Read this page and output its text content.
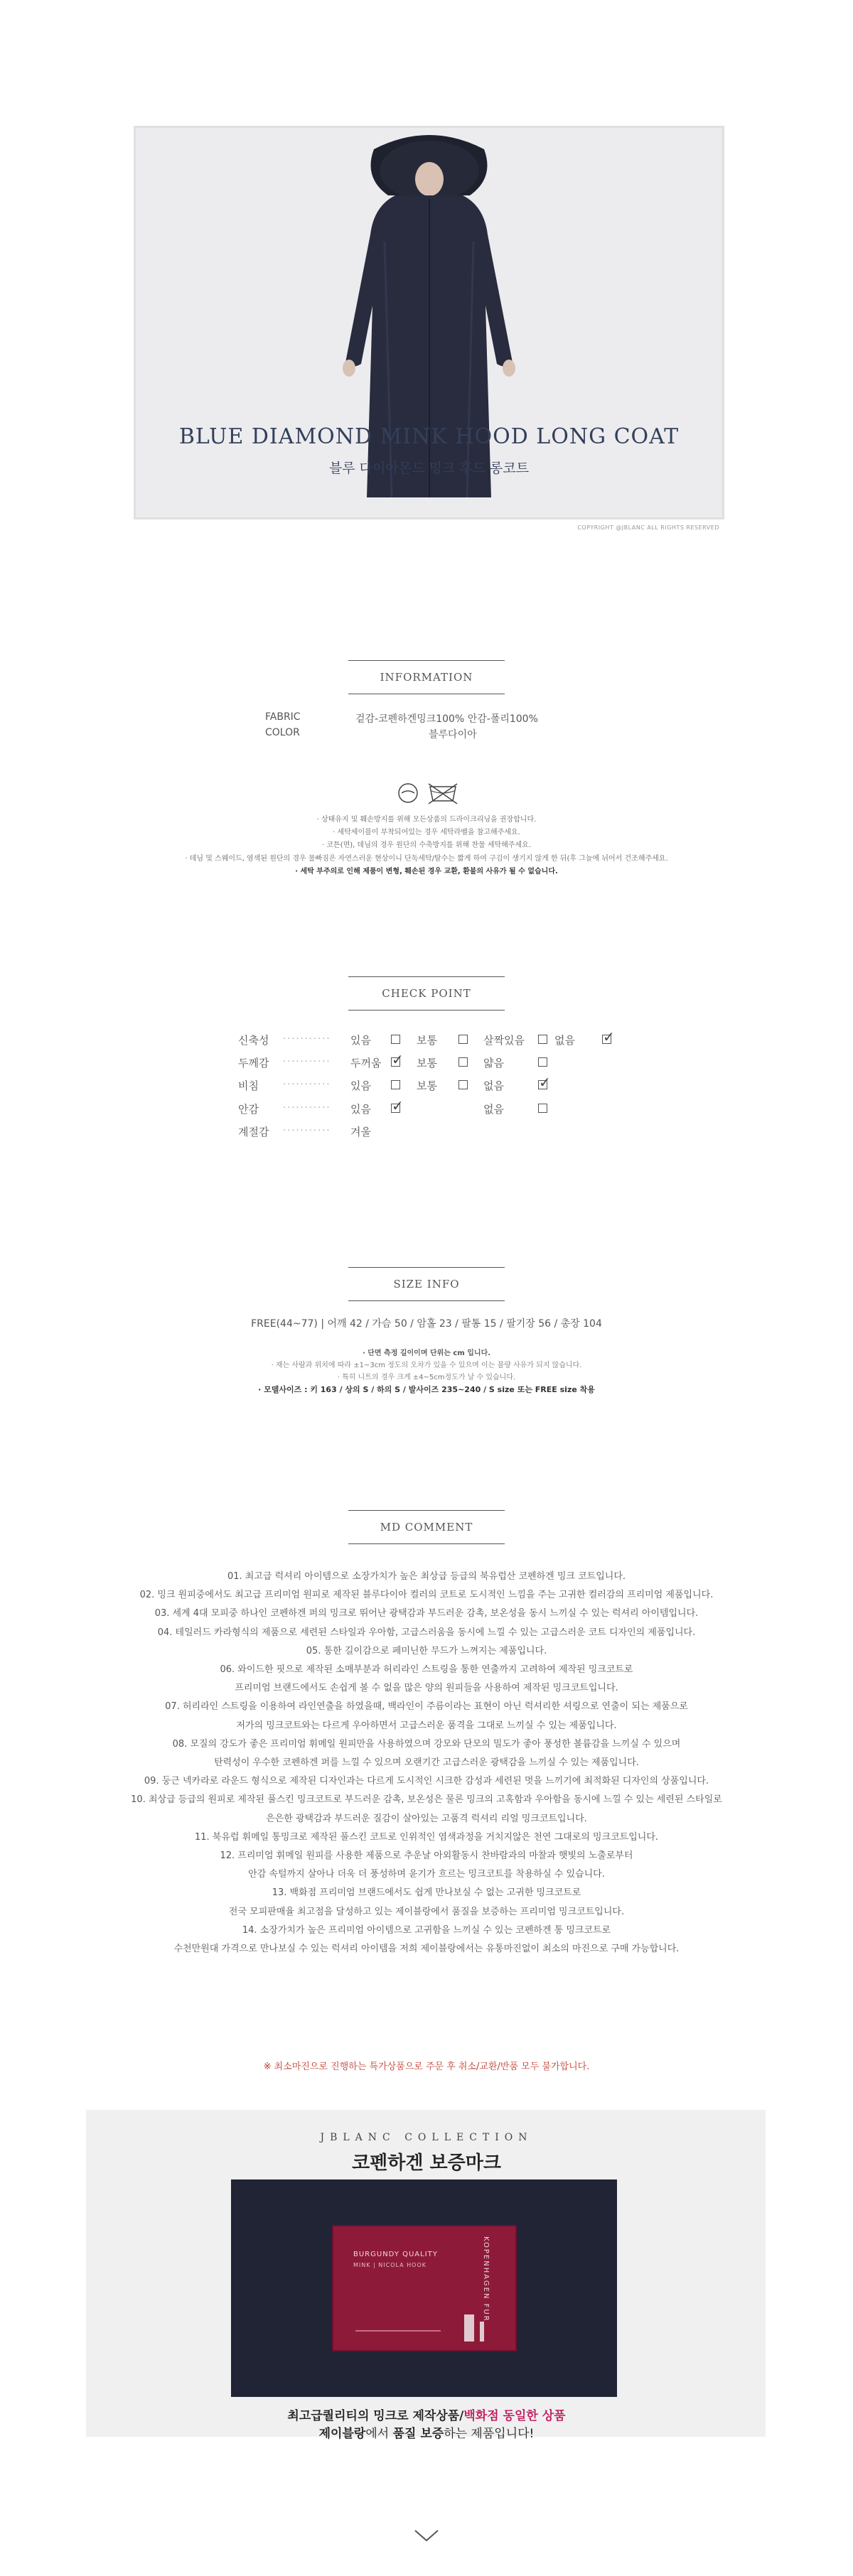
BLUE DIAMOND MINK HOOD LONG COAT
블루 다이아몬드 밍크 후드 롱코트
COPYRIGHT @JBLANC ALL RIGHTS RESERVED
INFORMATION
FABRIC	겉감-코펜하겐밍크100% 안감-폴리100%
COLOR	블루다이아
· 상태유지 및 훼손방지를 위해 모든상품의 드라이크리닝을 권장합니다.
· 세탁세이블이 부착되어있는 경우 세탁라벨을 참고해주세요.
· 코튼(면), 데님의 경우 원단의 수축방지를 위해 찬물 세탁해주세요.
· 데님 및 스웨이드, 염색된 원단의 경우 물빠짐은 자연스러운 현상이니 단독세탁/탈수는 짧게 하여 구김이 생기지 않게 한 뒤(후 그늘에 뉘어서 건조해주세요.
· 세탁 부주의로 인해 제품이 변형, 훼손된 경우 교환, 환불의 사유가 될 수 없습니다.
CHECK POINT
신축성 ··········· 있음	보통	살짝있음	없음 ✓
두께감 ··········· 두꺼움 ✓ 보통	얇음
비침	··········· 있음	보통	없음 ✓
안감	··········· 있음 ✓	없음
계절감 ··········· 겨울
SIZE INFO
FREE(44~77) | 어깨 42 / 가슴 50 / 암홀 23 / 팔통 15 / 팔기장 56 / 총장 104
· 단면 측정 길이이며 단위는 cm 입니다.
· 재는 사람과 위치에 따라 ±1~3cm 정도의 오차가 있을 수 있으며 이는 불량 사유가 되지 않습니다.
· 특히 니트의 경우 크게 ±4~5cm정도가 날 수 있습니다.
· 모델사이즈 : 키 163 / 상의 S / 하의 S / 발사이즈 235~240 / S size 또는 FREE size 착용
MD COMMENT
01. 최고급 럭셔리 아이템으로 소장가치가 높은 최상급 등급의 북유럽산 코펜하겐 밍크 코트입니다.
02. 밍크 원피중에서도 최고급 프리미엄 원피로 제작된 블루다이아 컬러의 코트로 도시적인 느낌을 주는 고귀한 컬러감의 프리미엄 제품입니다.
03. 세계 4대 모피중 하나인 코펜하겐 퍼의 밍크로 뛰어난 광택감과 부드러운 감촉, 보온성을 동시 느끼실 수 있는 럭셔리 아이템입니다.
04. 테일러드 카라형식의 제품으로 세련된 스타일과 우아함, 고급스러움을 동시에 느낄 수 있는 고급스러운 코트 디자인의 제품입니다.
05. 통한 길이감으로 페미닌한 무드가 느껴지는 제품입니다.
06. 와이드한 핏으로 제작된 소매부분과 허리라인 스트링을 통한 연출까지 고려하여 제작된 밍크코트로
프리미엄 브랜드에서도 손쉽게 볼 수 없을 많은 양의 원피들을 사용하여 제작된 밍크코트입니다.
07. 허리라인 스트링을 이용하여 라인연출을 하였을때, 백라인이 주름이라는 표현이 아닌 럭셔리한 셔링으로 연출이 되는 제품으로
저가의 밍크코트와는 다르게 우아하면서 고급스러운 품격을 그대로 느끼실 수 있는 제품입니다.
08. 모질의 강도가 좋은 프리미엄 휘메일 원피만을 사용하였으며 강모와 단모의 밀도가 좋아 풍성한 볼륨감을 느끼실 수 있으며
탄력성이 우수한 코펜하겐 퍼를 느낄 수 있으며 오랜기간 고급스러운 광택감을 느끼실 수 있는 제품입니다.
09. 둥근 넥카라로 라운드 형식으로 제작된 디자인과는 다르게 도시적인 시크한 감성과 세련된 멋을 느끼기에 최적화된 디자인의 상품입니다.
10. 최상급 등급의 원피로 제작된 풀스킨 밍크코트로 부드러운 감촉, 보온성은 물론 밍크의 고혹함과 우아함을 동시에 느낄 수 있는 세련된 스타일로
은은한 광택감과 부드러운 질감이 살아있는 고품격 럭셔리 리얼 밍크코트입니다.
11. 북유럽 휘메일 통밍크로 제작된 풀스킨 코트로 인위적인 염색과정을 거치지않은 천연 그대로의 밍크코트입니다.
12. 프리미엄 휘메일 원피를 사용한 제품으로 추운날 아외활동시 찬바람과의 마찰과 햇빛의 노출로부터
안감 속털까지 살아나 더욱 더 풍성하며 윤기가 흐르는 밍크코트를 착용하실 수 있습니다.
13. 백화점 프리미엄 브랜드에서도 쉽게 만나보실 수 없는 고귀한 밍크코트로
전국 모피판매율 최고점을 달성하고 있는 제이블랑에서 품질을 보증하는 프리미엄 밍크코트입니다.
14. 소장가치가 높은 프리미엄 아이템으로 고귀함을 느끼실 수 있는 코펜하겐 통 밍크코트로
수천만원대 가격으로 만나보실 수 있는 럭셔리 아이템을 저희 제이블랑에서는 유통마진없이 최소의 마진으로 구매 가능합니다.
※ 최소마진으로 진행하는 특가상품으로 주문 후 취소/교환/반품 모두 불가합니다.
JBLANC COLLECTION
코펜하겐 보증마크
BURGUNDY QUALITY
MINK | NICOLA HOOK	KOPENHAGEN FUR
최고급퀄리티의 밍크로 제작상품/백화점 동일한 상품
제이블랑에서 품질 보증하는 제품입니다!
